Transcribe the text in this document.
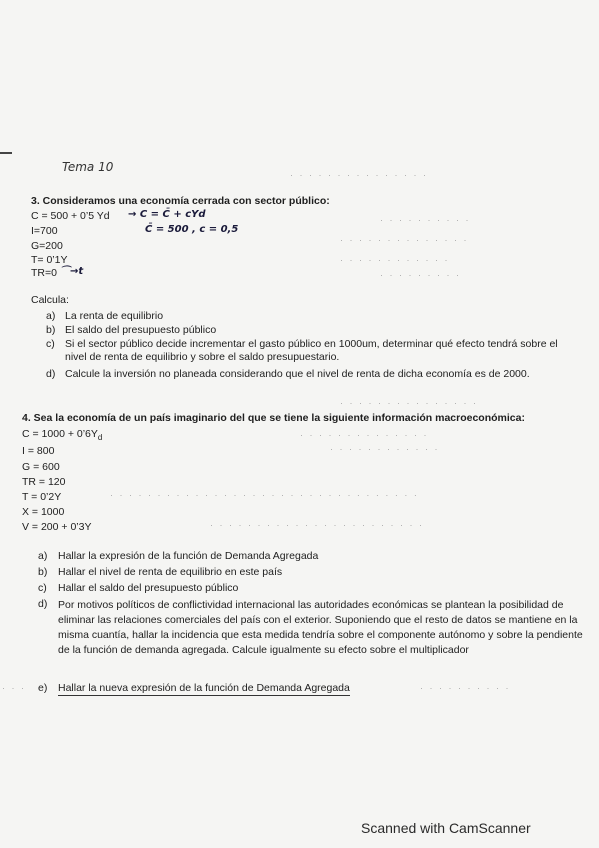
Tema 10
· · · · · · · · · · · · · · ·
3. Consideramos una economía cerrada con sector público:
C = 500 + 0’5 Yd → C = C̄ + cYd
I=700	C̄ = 500 , c = 0,5
G=200
T= 0’1Y
TR=0 ⌒→t
· · · · · · · · · ·
· · · · · · · · · · · · · ·
· · · · · · · · · · · ·
· · · · · · · · ·
Calcula:
a) La renta de equilibrio
b) El saldo del presupuesto público
c) Si el sector público decide incrementar el gasto público en 1000um, determinar qué efecto tendrá sobre el nivel de renta de equilibrio y sobre el saldo presupuestario.
d) Calcule la inversión no planeada considerando que el nivel de renta de dicha economía es de 2000.
· · · · · · · · · · · · · · ·
4. Sea la economía de un país imaginario del que se tiene la siguiente información macroeconómica:
$C = 1000 + 0’6Y_d$
I = 800
G = 600
TR = 120
T = 0’2Y
X = 1000
V = 200 + 0’3Y
· · · · · · · · · · · · · ·
· · · · · · · · · · · ·
· · · · · · · · · · · · · · · · · · · · · · · · · · · · · · · · ·
· · · · · · · · · · · · · · · · · · · · · · ·
a) Hallar la expresión de la función de Demanda Agregada
b) Hallar el nivel de renta de equilibrio en este país
c) Hallar el saldo del presupuesto público
d) Por motivos políticos de conflictividad internacional las autoridades económicas se plantean la posibilidad de eliminar las relaciones comerciales del país con el exterior. Suponiendo que el resto de datos se mantiene en la misma cuantía, hallar la incidencia que esta medida tendría sobre el componente autónomo y sobre la pendiente de la función de demanda agregada. Calcule igualmente su efecto sobre el multiplicador
e) Hallar la nueva expresión de la función de Demanda Agregada	· · · · · · · · · ·
· · ·
Scanned with CamScanner
